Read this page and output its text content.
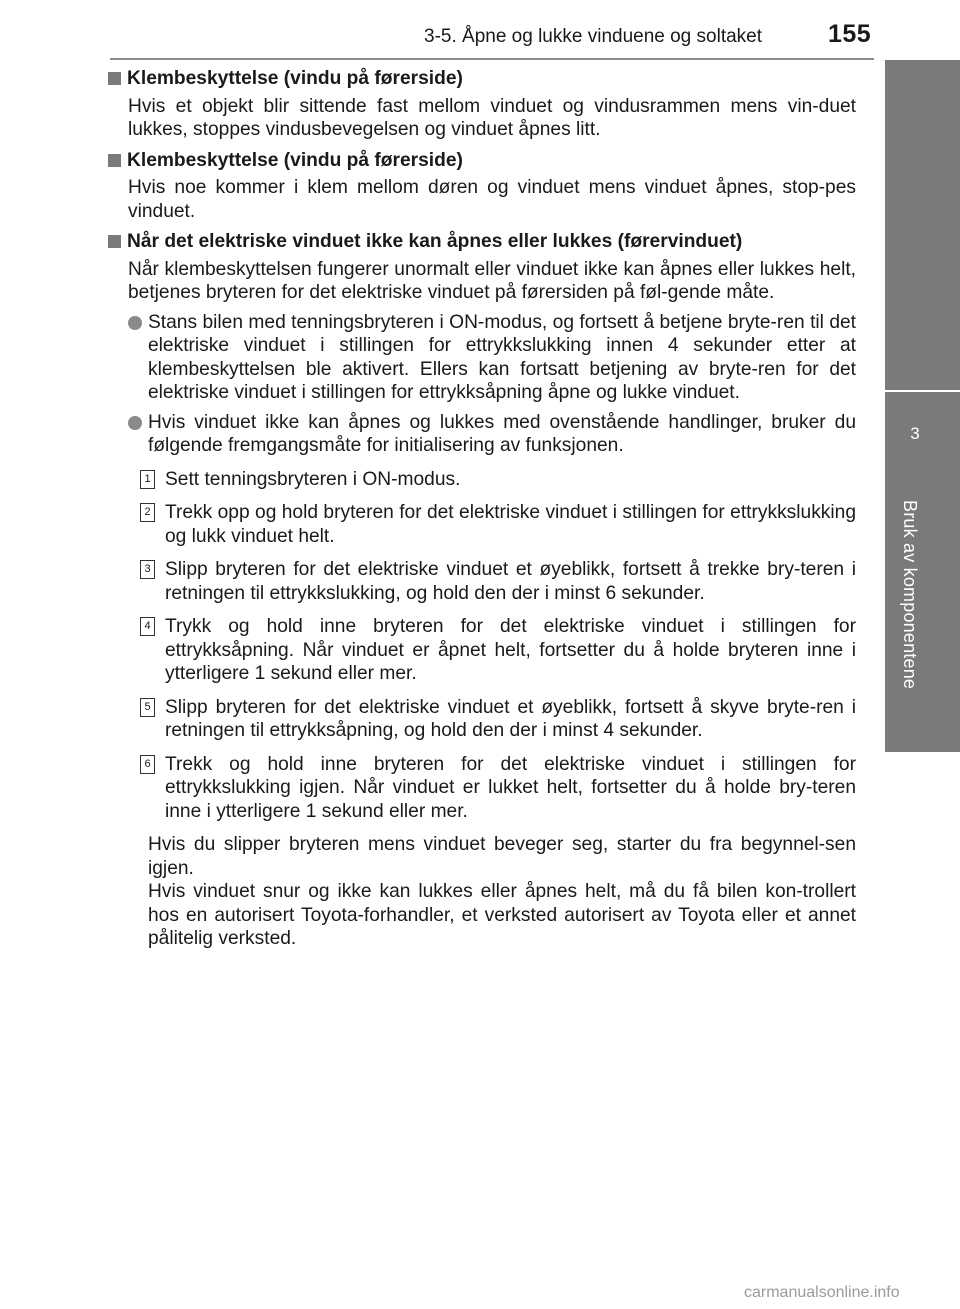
3-5. Åpne og lukke vinduene og soltaket	155
3
Bruk av komponentene
Klembeskyttelse (vindu på førerside)
Hvis et objekt blir sittende fast mellom vinduet og vindusrammen mens vin-duet lukkes, stoppes vindusbevegelsen og vinduet åpnes litt.
Klembeskyttelse (vindu på førerside)
Hvis noe kommer i klem mellom døren og vinduet mens vinduet åpnes, stop-pes vinduet.
Når det elektriske vinduet ikke kan åpnes eller lukkes (førervinduet)
Når klembeskyttelsen fungerer unormalt eller vinduet ikke kan åpnes eller lukkes helt, betjenes bryteren for det elektriske vinduet på førersiden på føl-gende måte.
Stans bilen med tenningsbryteren i ON-modus, og fortsett å betjene bryte-ren til det elektriske vinduet i stillingen for ettrykkslukking innen 4 sekunder etter at klembeskyttelsen ble aktivert. Ellers kan fortsatt betjening av bryte-ren for det elektriske vinduet i stillingen for ettrykksåpning åpne og lukke vinduet.
Hvis vinduet ikke kan åpnes og lukkes med ovenstående handlinger, bruker du følgende fremgangsmåte for initialisering av funksjonen.
1 Sett tenningsbryteren i ON-modus.
2 Trekk opp og hold bryteren for det elektriske vinduet i stillingen for ettrykkslukking og lukk vinduet helt.
3 Slipp bryteren for det elektriske vinduet et øyeblikk, fortsett å trekke bry-teren i retningen til ettrykkslukking, og hold den der i minst 6 sekunder.
4 Trykk og hold inne bryteren for det elektriske vinduet i stillingen for ettrykksåpning. Når vinduet er åpnet helt, fortsetter du å holde bryteren inne i ytterligere 1 sekund eller mer.
5 Slipp bryteren for det elektriske vinduet et øyeblikk, fortsett å skyve bryte-ren i retningen til ettrykksåpning, og hold den der i minst 4 sekunder.
6 Trekk og hold inne bryteren for det elektriske vinduet i stillingen for ettrykkslukking igjen. Når vinduet er lukket helt, fortsetter du å holde bry-teren inne i ytterligere 1 sekund eller mer.
Hvis du slipper bryteren mens vinduet beveger seg, starter du fra begynnel-sen igjen.
Hvis vinduet snur og ikke kan lukkes eller åpnes helt, må du få bilen kon-trollert hos en autorisert Toyota-forhandler, et verksted autorisert av Toyota eller et annet pålitelig verksted.
carmanualsonline.info
